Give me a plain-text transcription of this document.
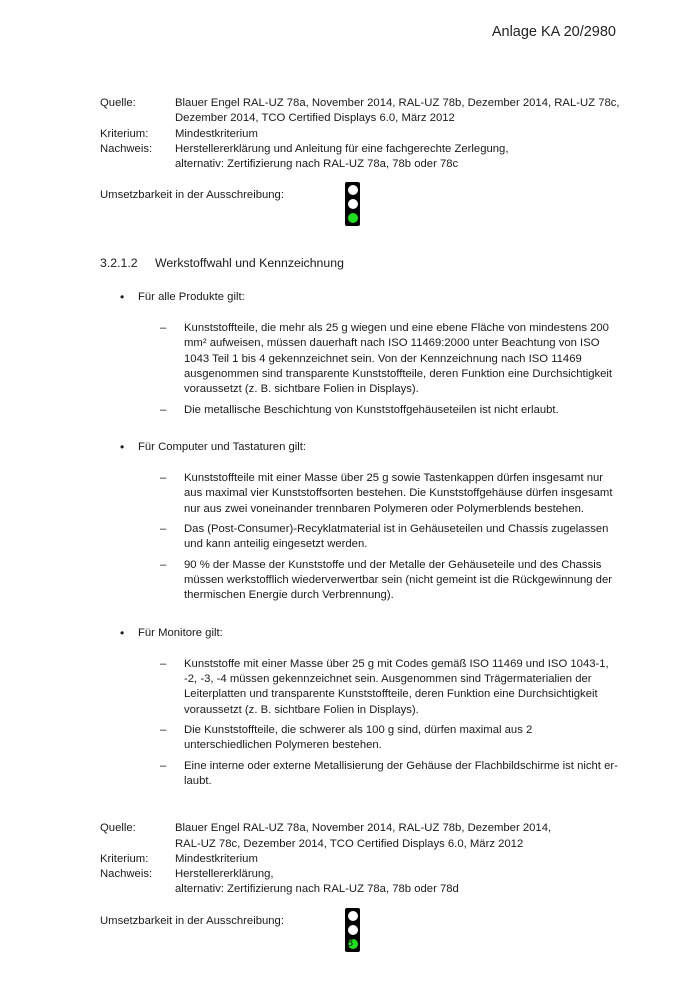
Anlage KA 20/2980
Quelle:	Blauer Engel RAL-UZ 78a, November 2014, RAL-UZ 78b, Dezember 2014, RAL-UZ 78c,
Dezember 2014, TCO Certified Displays 6.0, März 2012
Kriterium:	Mindestkriterium
Nachweis:	Herstellererklärung und Anleitung für eine fachgerechte Zerlegung,
alternativ: Zertifizierung nach RAL-UZ 78a, 78b oder 78c
Umsetzbarkeit in der Ausschreibung:
3.2.1.2	Werkstoffwahl und Kennzeichnung
•	Für alle Produkte gilt:
–	Kunststoffteile, die mehr als 25 g wiegen und eine ebene Fläche von mindestens 200 mm² aufweisen, müssen dauerhaft nach ISO 11469:2000 unter Beachtung von ISO 1043 Teil 1 bis 4 gekennzeichnet sein. Von der Kennzeichnung nach ISO 11469 ausgenommen sind transparente Kunststoffteile, deren Funktion eine Durchsichtigkeit voraussetzt (z. B. sichtbare Folien in Displays).
–	Die metallische Beschichtung von Kunststoffgehäuseteilen ist nicht erlaubt.
•	Für Computer und Tastaturen gilt:
–	Kunststoffteile mit einer Masse über 25 g sowie Tastenkappen dürfen insgesamt nur aus maximal vier Kunststoffsorten bestehen. Die Kunststoffgehäuse dürfen insgesamt nur aus zwei voneinander trennbaren Polymeren oder Polymerblends bestehen.
–	Das (Post-Consumer)-Recyklatmaterial ist in Gehäuseteilen und Chassis zugelassen und kann anteilig eingesetzt werden.
–	90 % der Masse der Kunststoffe und der Metalle der Gehäuseteile und des Chassis müssen werkstofflich wiederverwertbar sein (nicht gemeint ist die Rückgewinnung der thermischen Energie durch Verbrennung).
•	Für Monitore gilt:
–	Kunststoffe mit einer Masse über 25 g mit Codes gemäß ISO 11469 und ISO 1043-1, -2, -3, -4 müssen gekennzeichnet sein. Ausgenommen sind Trägermaterialien der Leiterplatten und transparente Kunststoffteile, deren Funktion eine Durchsichtigkeit voraussetzt (z. B. sichtbare Folien in Displays).
–	Die Kunststoffteile, die schwerer als 100 g sind, dürfen maximal aus 2 unterschiedlichen Polymeren bestehen.
–	Eine interne oder externe Metallisierung der Gehäuse der Flachbildschirme ist nicht er-laubt.
Quelle:	Blauer Engel RAL-UZ 78a, November 2014, RAL-UZ 78b, Dezember 2014,
RAL-UZ 78c, Dezember 2014, TCO Certified Displays 6.0, März 2012
Kriterium:	Mindestkriterium
Nachweis:	Herstellererklärung,
alternativ: Zertifizierung nach RAL-UZ 78a, 78b oder 78d
Umsetzbarkeit in der Ausschreibung:
8
